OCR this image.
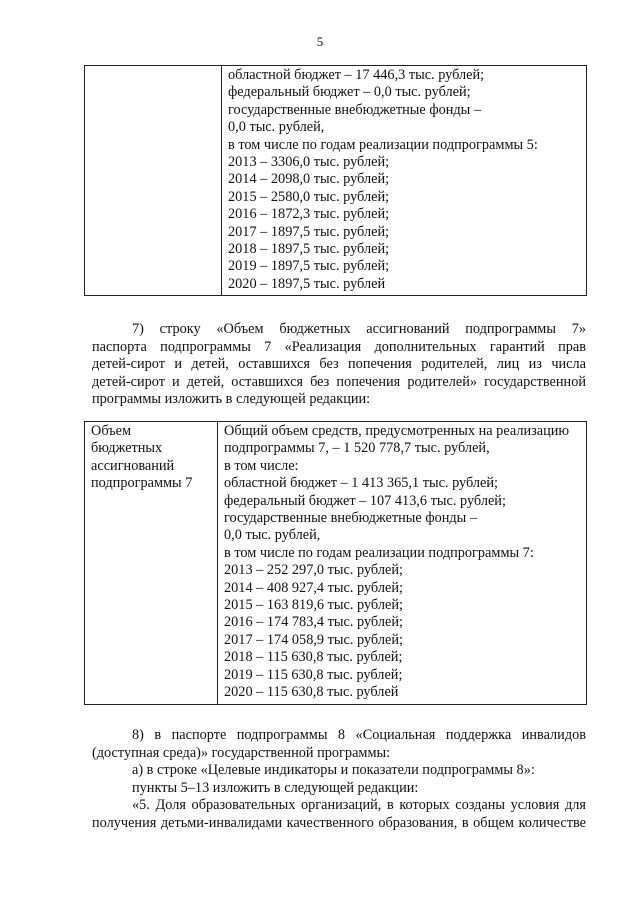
5

областной бюджет – 17 446,3 тыс. рублей;
федеральный бюджет – 0,0 тыс. рублей;
государственные внебюджетные фонды –
0,0 тыс. рублей,
в том числе по годам реализации подпрограммы 5:
2013 – 3306,0 тыс. рублей;
2014 – 2098,0 тыс. рублей;
2015 – 2580,0 тыс. рублей;
2016 – 1872,3 тыс. рублей;
2017 – 1897,5 тыс. рублей;
2018 – 1897,5 тыс. рублей;
2019 – 1897,5 тыс. рублей;
2020 – 1897,5 тыс. рублей
7) строку «Объем бюджетных ассигнований подпрограммы 7»
паспорта подпрограммы 7 «Реализация дополнительных гарантий прав
детей-сирот и детей, оставшихся без попечения родителей, лиц из числа
детей-сирот и детей, оставшихся без попечения родителей» государственной
программы изложить в следующей редакции:
Объем
бюджетных
ассигнований
подпрограммы 7

Общий объем средств, предусмотренных на реализацию
подпрограммы 7, – 1 520 778,7 тыс. рублей,
в том числе:
областной бюджет – 1 413 365,1 тыс. рублей;
федеральный бюджет – 107 413,6 тыс. рублей;
государственные внебюджетные фонды –
0,0 тыс. рублей,
в том числе по годам реализации подпрограммы 7:
2013 – 252 297,0 тыс. рублей;
2014 – 408 927,4 тыс. рублей;
2015 – 163 819,6 тыс. рублей;
2016 – 174 783,4 тыс. рублей;
2017 – 174 058,9 тыс. рублей;
2018 – 115 630,8 тыс. рублей;
2019 – 115 630,8 тыс. рублей;
2020 – 115 630,8 тыс. рублей
8) в паспорте подпрограммы 8 «Социальная поддержка инвалидов
(доступная среда)» государственной программы:
а) в строке «Целевые индикаторы и показатели подпрограммы 8»:
пункты 5–13 изложить в следующей редакции:
«5. Доля образовательных организаций, в которых созданы условия для
получения детьми-инвалидами качественного образования, в общем количестве
